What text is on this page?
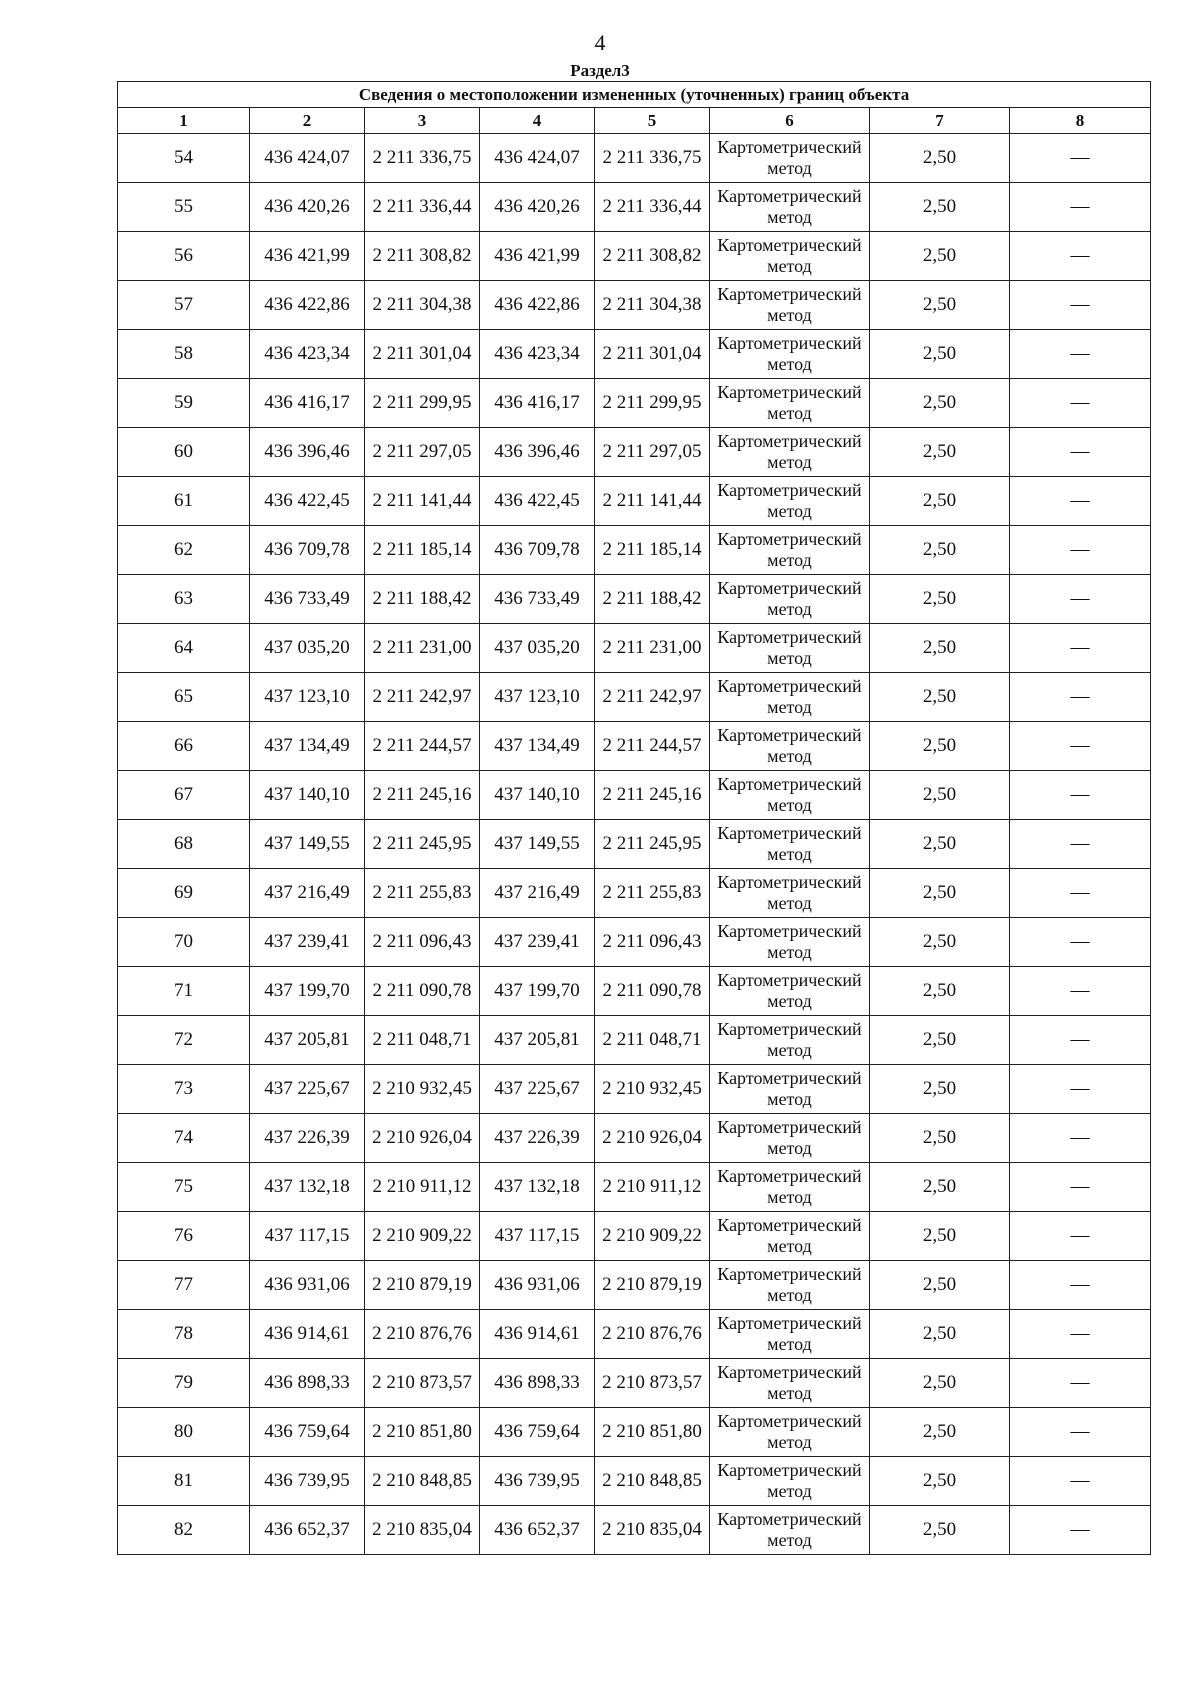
4
Раздел3
Сведения о местоположении измененных (уточненных) границ объекта							
1	2	3	4	5	6	7	8
54	436 424,07	2 211 336,75	436 424,07	2 211 336,75	Картометрический метод	2,50	—
55	436 420,26	2 211 336,44	436 420,26	2 211 336,44	Картометрический метод	2,50	—
56	436 421,99	2 211 308,82	436 421,99	2 211 308,82	Картометрический метод	2,50	—
57	436 422,86	2 211 304,38	436 422,86	2 211 304,38	Картометрический метод	2,50	—
58	436 423,34	2 211 301,04	436 423,34	2 211 301,04	Картометрический метод	2,50	—
59	436 416,17	2 211 299,95	436 416,17	2 211 299,95	Картометрический метод	2,50	—
60	436 396,46	2 211 297,05	436 396,46	2 211 297,05	Картометрический метод	2,50	—
61	436 422,45	2 211 141,44	436 422,45	2 211 141,44	Картометрический метод	2,50	—
62	436 709,78	2 211 185,14	436 709,78	2 211 185,14	Картометрический метод	2,50	—
63	436 733,49	2 211 188,42	436 733,49	2 211 188,42	Картометрический метод	2,50	—
64	437 035,20	2 211 231,00	437 035,20	2 211 231,00	Картометрический метод	2,50	—
65	437 123,10	2 211 242,97	437 123,10	2 211 242,97	Картометрический метод	2,50	—
66	437 134,49	2 211 244,57	437 134,49	2 211 244,57	Картометрический метод	2,50	—
67	437 140,10	2 211 245,16	437 140,10	2 211 245,16	Картометрический метод	2,50	—
68	437 149,55	2 211 245,95	437 149,55	2 211 245,95	Картометрический метод	2,50	—
69	437 216,49	2 211 255,83	437 216,49	2 211 255,83	Картометрический метод	2,50	—
70	437 239,41	2 211 096,43	437 239,41	2 211 096,43	Картометрический метод	2,50	—
71	437 199,70	2 211 090,78	437 199,70	2 211 090,78	Картометрический метод	2,50	—
72	437 205,81	2 211 048,71	437 205,81	2 211 048,71	Картометрический метод	2,50	—
73	437 225,67	2 210 932,45	437 225,67	2 210 932,45	Картометрический метод	2,50	—
74	437 226,39	2 210 926,04	437 226,39	2 210 926,04	Картометрический метод	2,50	—
75	437 132,18	2 210 911,12	437 132,18	2 210 911,12	Картометрический метод	2,50	—
76	437 117,15	2 210 909,22	437 117,15	2 210 909,22	Картометрический метод	2,50	—
77	436 931,06	2 210 879,19	436 931,06	2 210 879,19	Картометрический метод	2,50	—
78	436 914,61	2 210 876,76	436 914,61	2 210 876,76	Картометрический метод	2,50	—
79	436 898,33	2 210 873,57	436 898,33	2 210 873,57	Картометрический метод	2,50	—
80	436 759,64	2 210 851,80	436 759,64	2 210 851,80	Картометрический метод	2,50	—
81	436 739,95	2 210 848,85	436 739,95	2 210 848,85	Картометрический метод	2,50	—
82	436 652,37	2 210 835,04	436 652,37	2 210 835,04	Картометрический метод	2,50	—
